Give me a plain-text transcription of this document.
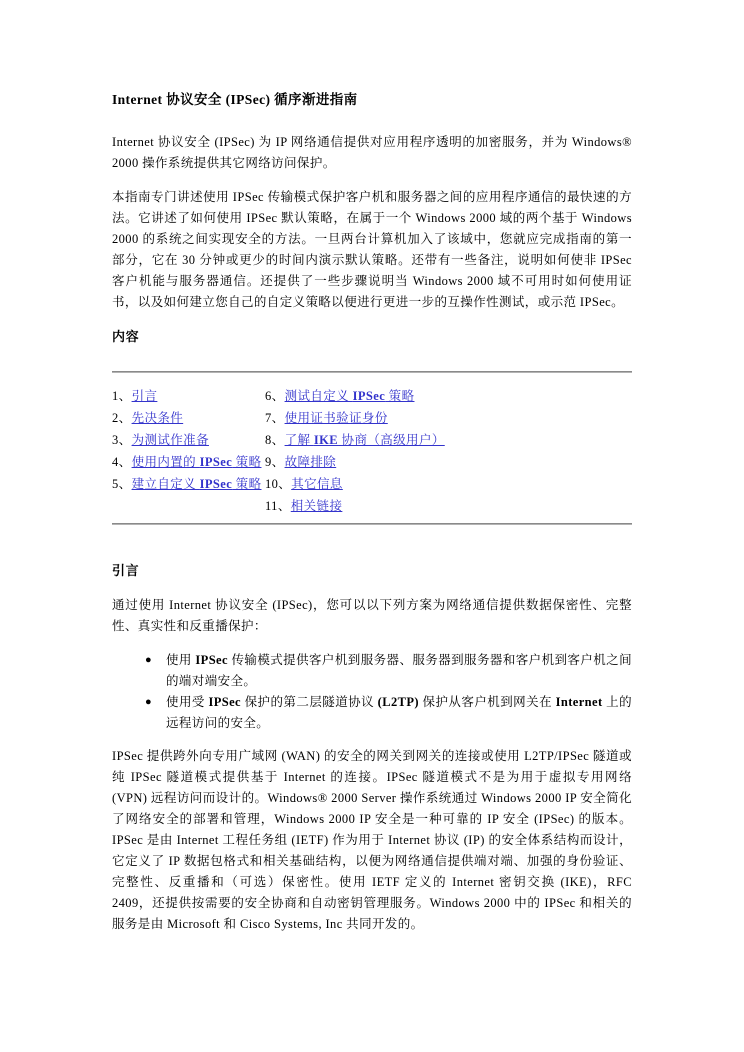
Internet 协议安全 (IPSec) 循序渐进指南

Internet 协议安全 (IPSec) 为 IP 网络通信提供对应用程序透明的加密服务，并为 Windows® 2000 操作系统提供其它网络访问保护。

本指南专门讲述使用 IPSec 传输模式保护客户机和服务器之间的应用程序通信的最快速的方法。它讲述了如何使用 IPSec 默认策略，在属于一个 Windows 2000 域的两个基于 Windows 2000 的系统之间实现安全的方法。一旦两台计算机加入了该域中，您就应完成指南的第一部分，它在 30 分钟或更少的时间内演示默认策略。还带有一些备注，说明如何使非 IPSec 客户机能与服务器通信。还提供了一些步骤说明当 Windows 2000 域不可用时如何使用证书，以及如何建立您自己的自定义策略以便进行更进一步的互操作性测试，或示范 IPSec。

内容
1、引言
2、先决条件
3、为测试作准备
4、使用内置的 IPSec 策略
5、建立自定义 IPSec 策略
6、测试自定义 IPSec 策略
7、使用证书验证身份
8、了解 IKE 协商（高级用户）
9、故障排除
10、其它信息
11、相关链接
引言

通过使用 Internet 协议安全 (IPSec)，您可以以下列方案为网络通信提供数据保密性、完整性、真实性和反重播保护：

●	使用 IPSec 传输模式提供客户机到服务器、服务器到服务器和客户机到客户机之间的端对端安全。
●	使用受 IPSec 保护的第二层隧道协议 (L2TP) 保护从客户机到网关在 Internet 上的远程访问的安全。

IPSec 提供跨外向专用广域网 (WAN) 的安全的网关到网关的连接或使用 L2TP/IPSec 隧道或纯 IPSec 隧道模式提供基于 Internet 的连接。IPSec 隧道模式不是为用于虚拟专用网络 (VPN) 远程访问而设计的。Windows® 2000 Server 操作系统通过 Windows 2000 IP 安全简化了网络安全的部署和管理，Windows 2000 IP 安全是一种可靠的 IP 安全 (IPSec) 的版本。IPSec 是由 Internet 工程任务组 (IETF) 作为用于 Internet 协议 (IP) 的安全体系结构而设计，它定义了 IP 数据包格式和相关基础结构，以便为网络通信提供端对端、加强的身份验证、完整性、反重播和（可选）保密性。使用 IETF 定义的 Internet 密钥交换 (IKE)，RFC 2409，还提供按需要的安全协商和自动密钥管理服务。Windows 2000 中的 IPSec 和相关的服务是由 Microsoft 和 Cisco Systems, Inc 共同开发的。
